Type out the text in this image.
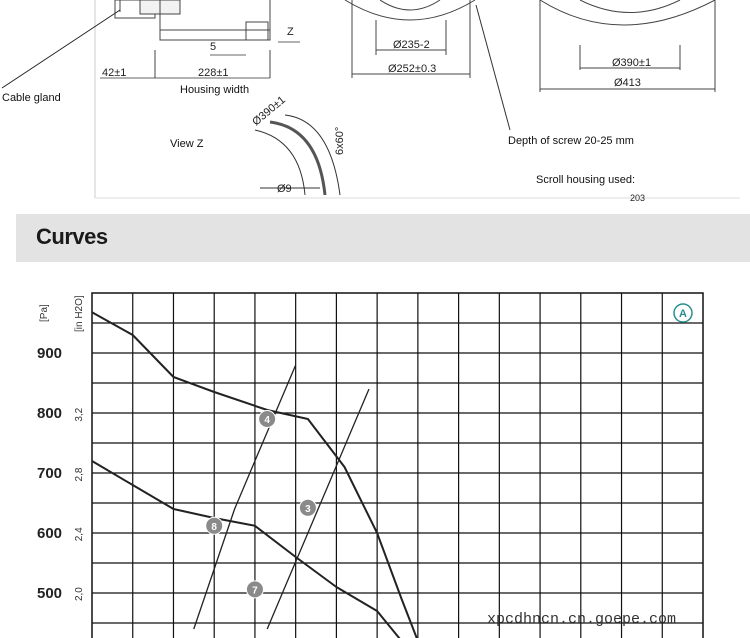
Cable gland
42±1	228±1
5
Z
Housing width
View Z
Ø390±1
6x60°
Ø9
Ø235-2
Ø252±0.3
Depth of screw 20-25 mm
Ø390±1
Ø413
Scroll housing used:
203
Curves
[Pa] [in H2O]
900
800
700
600
500
3,2
2,8
2,4
2,0
4
3
8
7
A
xpcdhncn.cn.goepe.com
